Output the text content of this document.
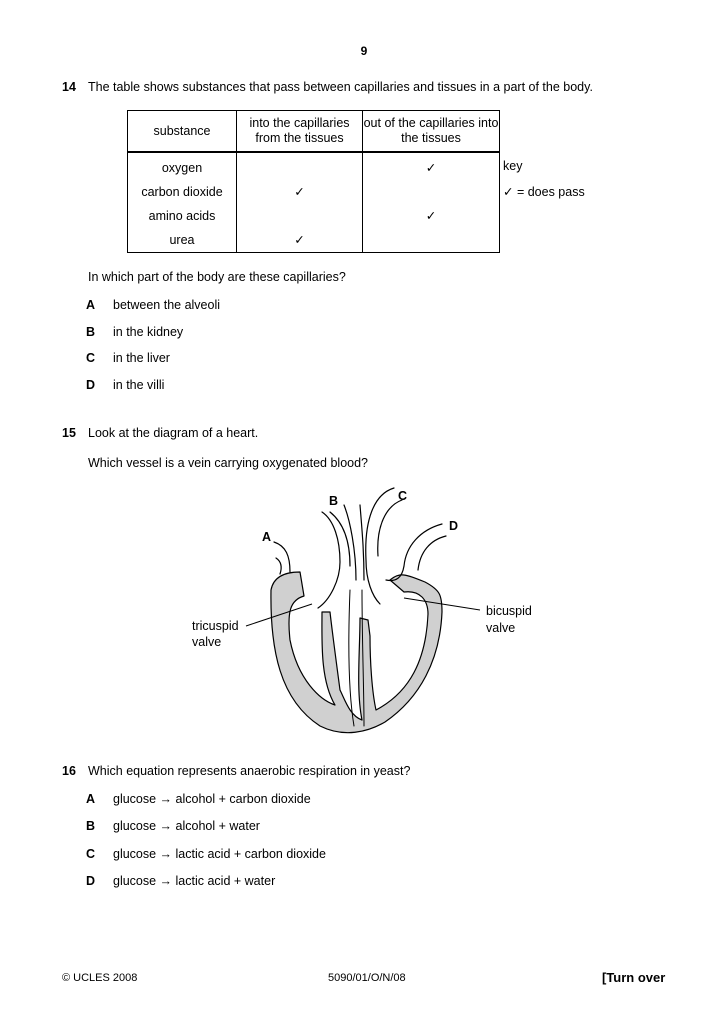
9
14 The table shows substances that pass between capillaries and tissues in a part of the body.
substance	into the capillaries from the tissues	out of the capillaries into the tissues
oxygen		✓
carbon dioxide	✓	
amino acids		✓
urea	✓	
key
✓ = does pass
In which part of the body are these capillaries?
A between the alveoli
B in the kidney
C in the liver
D in the villi
15 Look at the diagram of a heart.
Which vessel is a vein carrying oxygenated blood?
A
B	C
D
tricuspid
valve
bicuspid
valve
16 Which equation represents anaerobic respiration in yeast?
A glucose → alcohol + carbon dioxide
B glucose → alcohol + water
C glucose → lactic acid + carbon dioxide
D glucose → lactic acid + water
© UCLES 2008	5090/01/O/N/08	[Turn over
